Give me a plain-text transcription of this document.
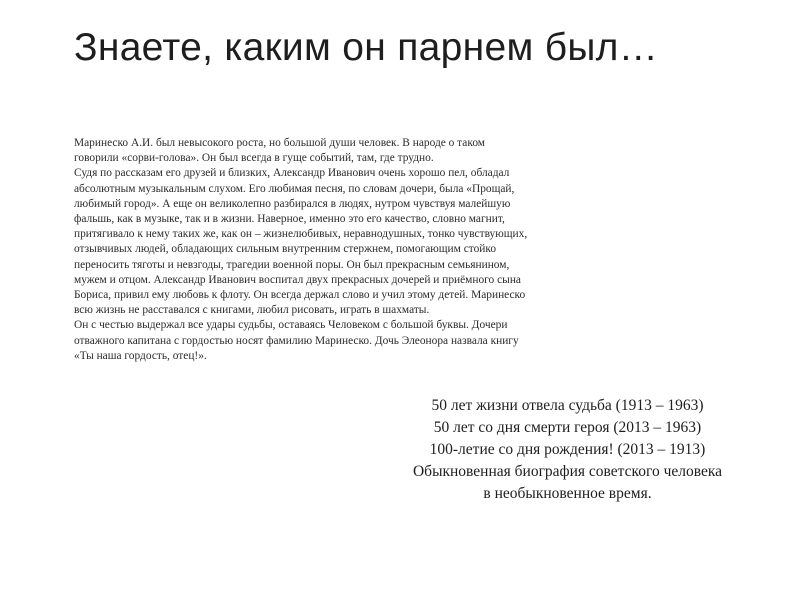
Знаете, каким он парнем был…
Маринеско А.И. был невысокого роста, но большой души человек. В народе о таком
говорили «сорви-голова». Он был всегда в гуще событий, там, где трудно.
Судя по рассказам его друзей и близких, Александр Иванович очень хорошо пел, обладал
абсолютным музыкальным слухом. Его любимая песня, по словам дочери, была «Прощай,
любимый город». А еще он великолепно разбирался в людях, нутром чувствуя малейшую
фальшь, как в музыке, так и в жизни. Наверное, именно это его качество, словно магнит,
притягивало к нему таких же, как он – жизнелюбивых, неравнодушных, тонко чувствующих,
отзывчивых людей, обладающих сильным внутренним стержнем, помогающим стойко
переносить тяготы и невзгоды, трагедии военной поры. Он был прекрасным семьянином,
мужем и отцом. Александр Иванович воспитал двух прекрасных дочерей и приёмного сына
Бориса, привил ему любовь к флоту. Он всегда держал слово и учил этому детей. Маринеско
всю жизнь не расставался с книгами, любил рисовать, играть в шахматы.
Он с честью выдержал все удары судьбы, оставаясь Человеком с большой буквы. Дочери
отважного капитана с гордостью носят фамилию Маринеско. Дочь Элеонора назвала книгу
«Ты наша гордость, отец!».
50 лет жизни отвела судьба (1913 – 1963)
50 лет со дня смерти героя (2013 – 1963)
100-летие со дня рождения! (2013 – 1913)
Обыкновенная биография советского человека
в необыкновенное время.
